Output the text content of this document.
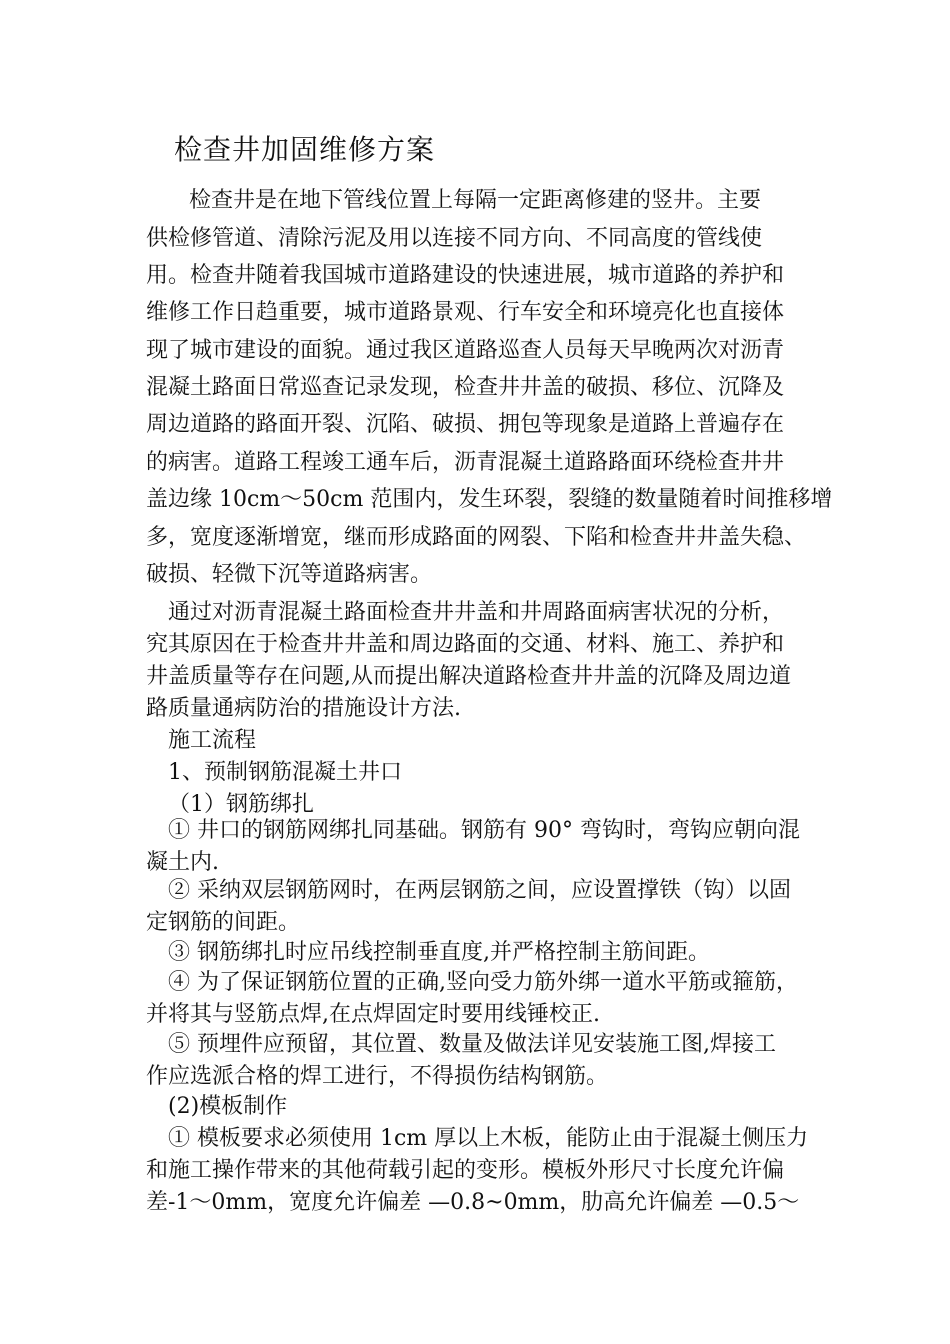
检查井加固维修方案
检查井是在地下管线位置上每隔一定距离修建的竖井。主要
供检修管道、清除污泥及用以连接不同方向、不同高度的管线使
用。检查井随着我国城市道路建设的快速进展，城市道路的养护和
维修工作日趋重要，城市道路景观、行车安全和环境亮化也直接体
现了城市建设的面貌。通过我区道路巡查人员每天早晚两次对沥青
混凝土路面日常巡查记录发现，检查井井盖的破损、移位、沉降及
周边道路的路面开裂、沉陷、破损、拥包等现象是道路上普遍存在
的病害。道路工程竣工通车后，沥青混凝土道路路面环绕检查井井
盖边缘 10cm～50cm 范围内，发生环裂，裂缝的数量随着时间推移增
多，宽度逐渐增宽，继而形成路面的网裂、下陷和检查井井盖失稳、
破损、轻微下沉等道路病害。
通过对沥青混凝土路面检查井井盖和井周路面病害状况的分析，
究其原因在于检查井井盖和周边路面的交通、材料、施工、养护和
井盖质量等存在问题,从而提出解决道路检查井井盖的沉降及周边道
路质量通病防治的措施设计方法.
施工流程
1、预制钢筋混凝土井口
（1）钢筋绑扎
① 井口的钢筋网绑扎同基础。钢筋有 90° 弯钩时，弯钩应朝向混
凝土内.
② 采纳双层钢筋网时，在两层钢筋之间，应设置撑铁（钩）以固
定钢筋的间距。
③ 钢筋绑扎时应吊线控制垂直度,并严格控制主筋间距。
④ 为了保证钢筋位置的正确,竖向受力筋外绑一道水平筋或箍筋，
并将其与竖筋点焊,在点焊固定时要用线锤校正.
⑤ 预埋件应预留，其位置、数量及做法详见安装施工图,焊接工
作应选派合格的焊工进行，不得损伤结构钢筋。
(2)模板制作
① 模板要求必须使用 1cm 厚以上木板，能防止由于混凝土侧压力
和施工操作带来的其他荷载引起的变形。模板外形尺寸长度允许偏
差-1～0mm，宽度允许偏差 —0.8~0mm，肋高允许偏差 —0.5～
